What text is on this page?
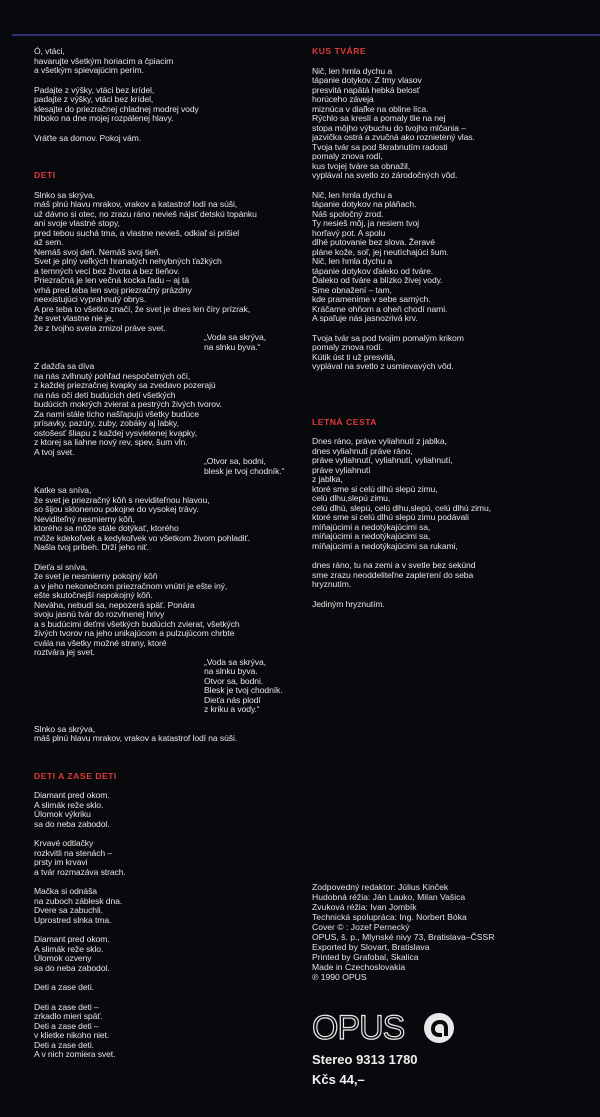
Ó, vtáci,
havarujte všetkým horiacim a čpiacim
a všetkým spievajúcim perím.
Padajte z výšky, vtáci bez krídel,
padajte z výšky, vtáci bez krídel,
klesajte do priezračnej chladnej modrej vody
hlboko na dne mojej rozpálenej hlavy.
Vráťte sa domov. Pokoj vám.
DETI
Slnko sa skrýva,
máš plnú hlavu mrakov, vrakov a katastrof lodí na súši,
už dávno si otec, no zrazu ráno nevieš nájsť detskú topánku
ani svoje vlastné stopy,
pred tebou suchá tma, a vlastne nevieš, odkiaľ si prišiel
až sem.
Nemáš svoj deň. Nemáš svoj tieň.
Svet je plný veľkých hranatých nehybných ťažkých
a temných vecí bez života a bez tieňov.
Priezračná je len večná kocka ľadu – aj tá
vrhá pred teba len svoj priezračný prázdny
neexistujúci vyprahnutý obrys.
A pre teba to všetko značí, že svet je dnes len číry prízrak,
že svet vlastne nie je,
že z tvojho sveta zmizol práve svet.
„Voda sa skrýva,
na slnku byva.“
Z dažďa sa díva
na nás zvlhnutý pohľad nespočetných očí,
z každej priezračnej kvapky sa zvedavo pozerajú
na nás oči detí budúcich detí všetkých
budúcich mokrých zvierat a pestrých živých tvorov.
Za nami stále ticho našľapujú všetky budúce
prísavky, pazúry, zuby, zobáky aj labky,
ostošesť šliapu z každej vysvietenej kvapky,
z ktorej sa liahne nový rev, spev, šum vĺn.
A tvoj svet.
„Otvor sa, bodni,
blesk je tvoj chodník.“
Katke sa sníva,
že svet je priezračný kôň s neviditeľnou hlavou,
so šijou sklonenou pokojne do vysokej trávy.
Neviditeľný nesmierny kôň,
ktorého sa môže stále dotýkať, ktorého
môže kdekoľvek a kedykoľvek vo všetkom živom pohladiť.
Našla tvoj príbeh. Drží jeho niť.
Dieťa si sníva,
že svet je nesmierny pokojný kôň
a v jeho nekonečnom priezračnom vnútri je ešte iný,
ešte skutočnejší nepokojný kôň.
Neváha, nebudí sa, nepozerá späť. Ponára
svoju jasnú tvár do rozvlnenej hrivy
a s budúcimi deťmi všetkých budúcich zvierat, všetkých
živých tvorov na jeho unikajúcom a pulzujúcom chrbte
cvála na všetky možné strany, ktoré
roztvára jej svet.
„Voda sa skrýva,
na slnku byva.
Otvor sa, bodni.
Blesk je tvoj chodník.
Dieťa nás plodí
z kriku a vody.“
Slnko sa skrýva,
máš plnú hlavu mrakov, vrakov a katastrof lodí na súši.
DETI A ZASE DETI
Diamant pred okom.
A slimák reže sklo.
Úlomok výkriku
sa do neba zabodol.
Krvavé odtlačky
rozkvitli na stenách –
prsty im krvavi
a tvár rozmazáva strach.
Mačka si odnáša
na zuboch záblesk dna.
Dvere sa zabuchli.
Uprostred slnka tma.
Diamant pred okom.
A slimák reže sklo.
Úlomok ozveny
sa do neba zabodol.
Deti a zase deti.
Deti a zase deti –
zrkadlo mieri späť.
Deti a zase deti –
v klietke nikoho niet.
Deti a zase deti.
A v nich zomiera svet.
KUS TVÁRE
Nič, len hmla dychu a
tápanie dotykov. Z tmy vlasov
presvitá napätá hebká belosť
horúceho záveja
miznúca v diaľke na obline líca.
Rýchlo sa kreslí a pomaly tlie na nej
stopa môjho výbuchu do tvojho mlčania –
jazvička ostrá a zvučná ako roznietený vlas.
Tvoja tvár sa pod škrabnutím radosti
pomaly znova rodí,
kus tvojej tváre sa obnažil,
vyplával na svetlo zo zárodočných vôd.
Nič, len hmla dychu a
tápanie dotykov na pláňach.
Náš spoločný zrod.
Ty nesieš môj, ja nesiem tvoj
horľavý pot. A spolu
dlhé putovanie bez slova. Žeravé
pláne kože, soľ, jej neutíchajúci šum.
Nič, len hmla dychu a
tápanie dotykov ďaleko od tváre.
Ďaleko od tváre a blízko živej vody.
Sme obnažení – tam,
kde pramenime v sebe samých.
Kráčame ohňom a oheň chodí nami.
A spaľuje nás jasnozrivá krv.
Tvoja tvár sa pod tvojim pomalým krikom
pomaly znova rodí.
Kútik úst ti už presvitá,
vyplával na svetlo z usmievavých vôd.
LETNÁ CESTA
Dnes ráno, práve vyliahnutí z jablka,
dnes vyliahnutí práve ráno,
práve vyliahnutí, vyliahnutí, vyliahnutí,
práve vyliahnutí
z jablka,
ktoré sme si celú dlhú slepú zimu,
celú dlhu,slepú zimu,
celú dlhú, slepú, celú dlhu,slepú, celú dlhú zimu,
ktoré sme si celú dlhú slepú zimu podávali
míňajúcimi a nedotýkajúcimi sa,
míňajúcimi a nedotýkajúcimi sa,
míňajúcimi a nedotýkajúcimi sa rukami,
dnes ráno, tu na zemi a v svetle bez sekúnd
sme zrazu neoddeliteľne zaplетení do seba
hryznutím.
Jediným hryznutím.
Zodpovedný redaktor: Július Kinček
Hudobná réžia: Ján Lauko, Milan Vašica
Zvuková réžia: Ivan Jombík
Technická spolupráca: Ing. Norbert Bóka
Cover © : Jozef Pernecký
OPUS, š. p., Mlynské nivy 73, Bratislava–ČSSR
Exported by Slovart, Bratislava
Printed by Grafobal, Skalica
Made in Czechoslovakia
℗ 1990 OPUS
OPUS
Stereo 9313 1780
Kčs 44,–
